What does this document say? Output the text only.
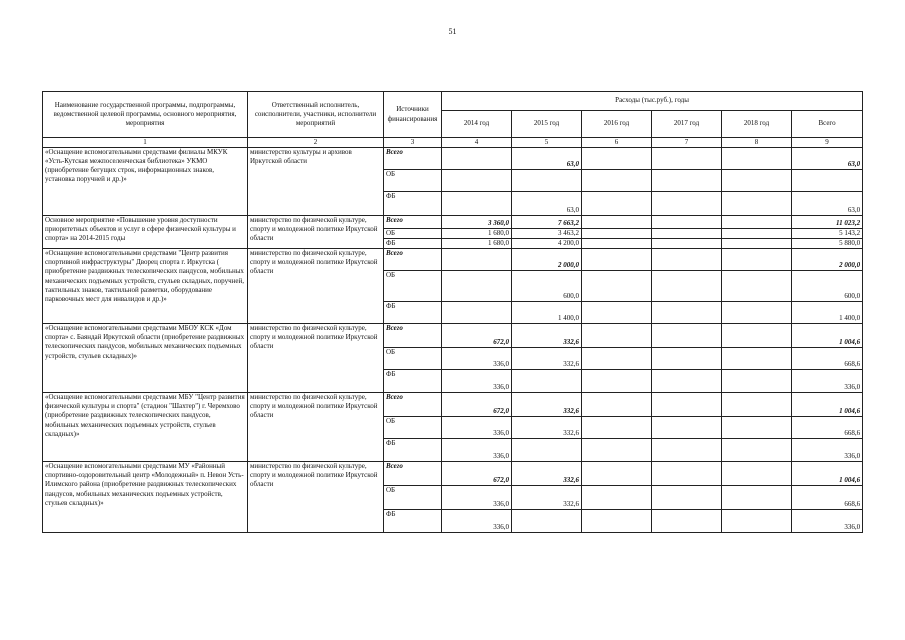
51
Наименование государственной программы, подпрограммы, ведомственной целевой программы, основного мероприятия, мероприятия	Ответственный исполнитель, соисполнители, участники, исполнители мероприятий	Источники финансирования	Расходы (тыс.руб.), годы					
			2014 год	2015 год	2016 год	2017 год	2018 год	Всего
1	2	3	4	5	6	7	8	9
«Оснащение вспомогательными средствами филиалы МКУК «Усть-Кутская межпоселенческая библиотека» УКМО (приобретение бегущих строк, информационных знаков, установка поручней и др.)»	министерство культуры и архивов Иркутской области	Всего		63,0				63,0
		ОБ						
		ФБ		63,0				63,0
Основное мероприятие «Повышение уровня доступности приоритетных объектов и услуг в сфере физической культуры и спорта» на 2014-2015 годы	министерство по физической культуре, спорту и молодежной политике Иркутской области	Всего	3 360,0	7 663,2				11 023,2
		ОБ	1 680,0	3 463,2				5 143,2
		ФБ	1 680,0	4 200,0				5 880,0
«Оснащение вспомогательными средствами "Центр развития спортивной инфраструктуры" Дворец спорта г. Иркутска ( приобретение раздвижных телескопических пандусов, мобильных механических подъемных устройств, стульев складных, поручней, тактильных знаков, тактильной разметки, оборудование парковочных мест для инвалидов и др.)»	министерство по физической культуре, спорту и молодежной политике Иркутской области	Всего		2 000,0				2 000,0
		ОБ		600,0				600,0
		ФБ		1 400,0				1 400,0
«Оснащение вспомогательными средствами МБОУ КСК «Дом спорта» с. Баяндай Иркутской области (приобретение раздвижных телескопических пандусов, мобильных механических подъемных устройств, стульев складных)»	министерство по физической культуре, спорту и молодежной политике Иркутской области	Всего	672,0	332,6				1 004,6
		ОБ	336,0	332,6				668,6
		ФБ	336,0					336,0
«Оснащение вспомогательными средствами МБУ "Центр развития физической культуры и спорта" (стадион "Шахтер") г. Черемхово (приобретение раздвижных телескопических пандусов, мобильных механических подъемных устройств, стульев складных)»	министерство по физической культуре, спорту и молодежной политике Иркутской области	Всего	672,0	332,6				1 004,6
		ОБ	336,0	332,6				668,6
		ФБ	336,0					336,0
«Оснащение вспомогательными средствами МУ «Районный спортивно-оздоровительный центр «Молодежный» п. Невон Усть-Илимского района (приобретение раздвижных телескопических пандусов, мобильных механических подъемных устройств, стульев складных)»	министерство по физической культуре, спорту и молодежной политике Иркутской области	Всего	672,0	332,6				1 004,6
		ОБ	336,0	332,6				668,6
		ФБ	336,0					336,0
